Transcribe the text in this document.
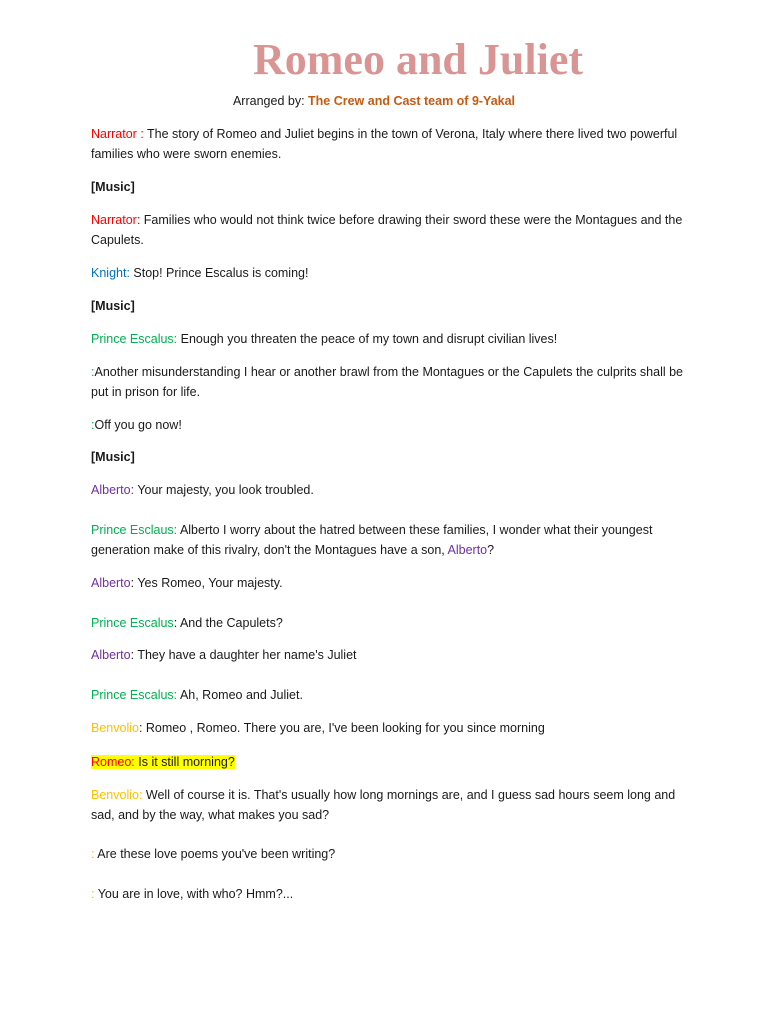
Romeo and Juliet
Arranged by: The Crew and Cast team of 9-Yakal

Narrator : The story of Romeo and Juliet begins in the town of Verona, Italy where there lived two powerful families who were sworn enemies.

[Music]

Narrator: Families who would not think twice before drawing their sword these were the Montagues and the Capulets.

Knight: Stop! Prince Escalus is coming!

[Music]

Prince Escalus: Enough you threaten the peace of my town and disrupt civilian lives!

:Another misunderstanding I hear or another brawl from the Montagues or the Capulets the culprits shall be put in prison for life.

:Off you go now!

[Music]

Alberto: Your majesty, you look troubled.

Prince Esclaus: Alberto I worry about the hatred between these families, I wonder what their youngest generation make of this rivalry, don't the Montagues have a son, Alberto?

Alberto: Yes Romeo, Your majesty.

Prince Escalus: And the Capulets?

Alberto: They have a daughter her name's Juliet

Prince Escalus: Ah, Romeo and Juliet.

Benvolio: Romeo , Romeo. There you are, I've been looking for you since morning

Romeo: Is it still morning?

Benvolio: Well of course it is. That's usually how long mornings are, and I guess sad hours seem long and sad, and by the way, what makes you sad?

: Are these love poems you've been writing?

: You are in love, with who? Hmm?...
